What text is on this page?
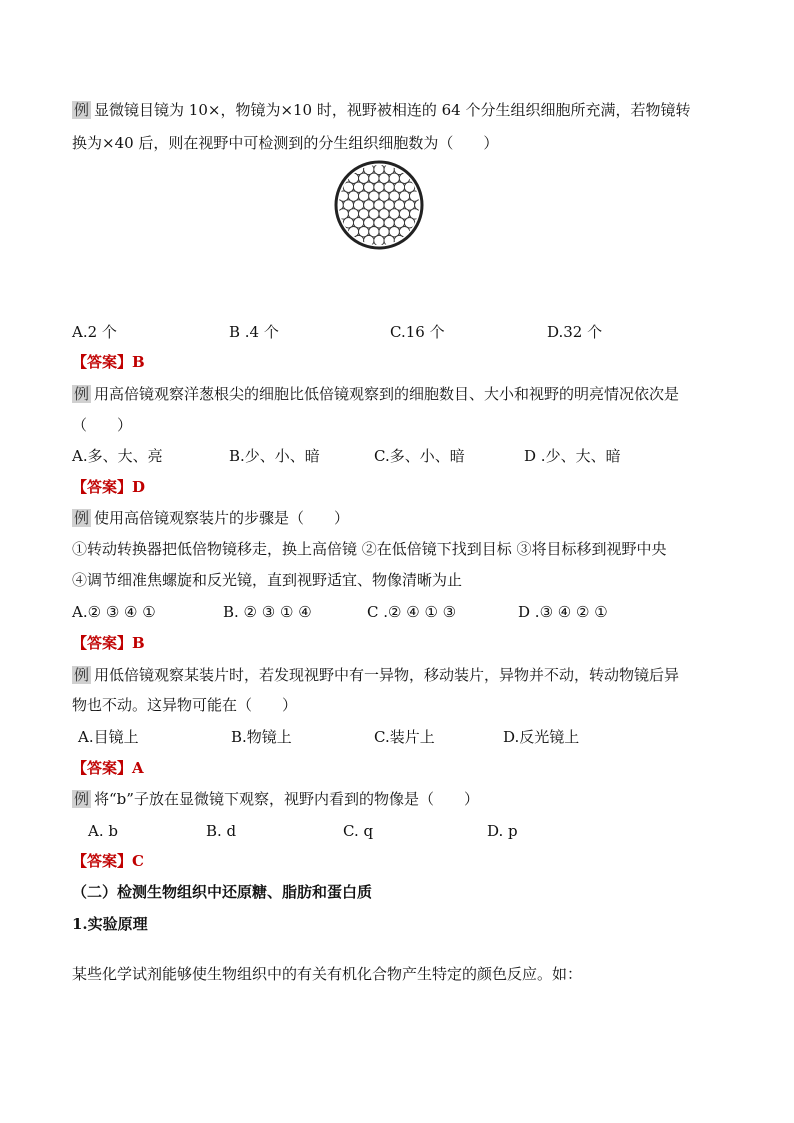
例 显微镜目镜为 10×，物镜为×10 时，视野被相连的 64 个分生组织细胞所充满，若物镜转
换为×40 后，则在视野中可检测到的分生组织细胞数为（　　）
A.2 个	B .4 个	C.16 个	D.32 个
【答案】B
例 用高倍镜观察洋葱根尖的细胞比低倍镜观察到的细胞数目、大小和视野的明亮情况依次是
（　　）
A.多、大、亮	B.少、小、暗	C.多、小、暗	D .少、大、暗
【答案】D
例 使用高倍镜观察装片的步骤是（　　）
①转动转换器把低倍物镜移走，换上高倍镜 ②在低倍镜下找到目标 ③将目标移到视野中央
④调节细准焦螺旋和反光镜，直到视野适宜、物像清晰为止
A.② ③ ④ ①	B. ② ③ ① ④	C .② ④ ① ③	D .③ ④ ② ①
【答案】B
例 用低倍镜观察某装片时，若发现视野中有一异物，移动装片，异物并不动，转动物镜后异
物也不动。这异物可能在（　　）
A.目镜上	B.物镜上	C.装片上	D.反光镜上
【答案】A
例 将“b”子放在显微镜下观察，视野内看到的物像是（　　）
A. b	B. d	C. q	D. p
【答案】C
（二）检测生物组织中还原糖、脂肪和蛋白质
1.实验原理
某些化学试剂能够使生物组织中的有关有机化合物产生特定的颜色反应。如：
